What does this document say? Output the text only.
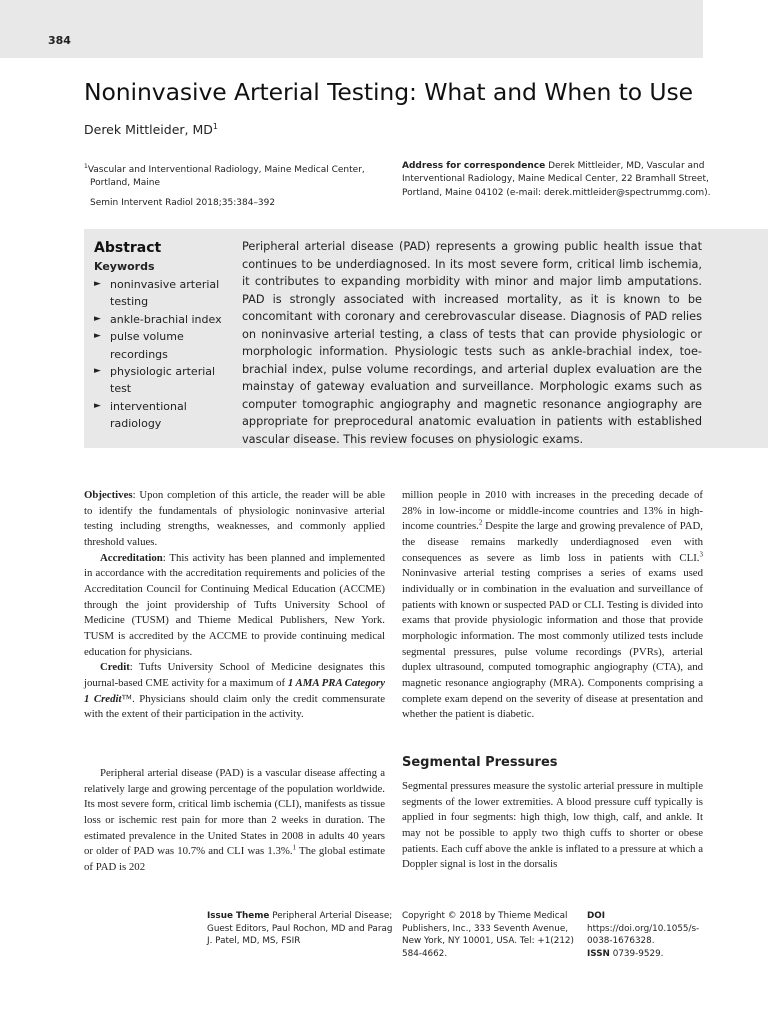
384
Noninvasive Arterial Testing: What and When to Use
Derek Mittleider, $MD^1$

$^1$Vascular and Interventional Radiology, Maine Medical Center, Portland, Maine

Semin Intervent Radiol 2018;35:384–392
Address for correspondence Derek Mittleider, MD, Vascular and Interventional Radiology, Maine Medical Center, 22 Bramhall Street, Portland, Maine 04102 (e-mail: derek.mittleider@spectrummg.com).
Abstract
Keywords
► noninvasive arterial testing
► ankle-brachial index
► pulse volume recordings
► physiologic arterial test
► interventional radiology
Peripheral arterial disease (PAD) represents a growing public health issue that continues to be underdiagnosed. In its most severe form, critical limb ischemia, it contributes to expanding morbidity with minor and major limb amputations. PAD is strongly associated with increased mortality, as it is known to be concomitant with coronary and cerebrovascular disease. Diagnosis of PAD relies on noninvasive arterial testing, a class of tests that can provide physiologic or morphologic information. Physiologic tests such as ankle-brachial index, toe-brachial index, pulse volume recordings, and arterial duplex evaluation are the mainstay of gateway evaluation and surveillance. Morphologic exams such as computer tomographic angiography and magnetic resonance angiography are appropriate for preprocedural anatomic evaluation in patients with established vascular disease. This review focuses on physiologic exams.

Objectives: Upon completion of this article, the reader will be able to identify the fundamentals of physiologic noninvasive arterial testing including strengths, weaknesses, and commonly applied threshold values.

Accreditation: This activity has been planned and implemented in accordance with the accreditation requirements and policies of the Accreditation Council for Continuing Medical Education (ACCME) through the joint providership of Tufts University School of Medicine (TUSM) and Thieme Medical Publishers, New York. TUSM is accredited by the ACCME to provide continuing medical education for physicians.

Credit: Tufts University School of Medicine designates this journal-based CME activity for a maximum of 1 AMA PRA Category 1 Credit™. Physicians should claim only the credit commensurate with the extent of their participation in the activity.

Peripheral arterial disease (PAD) is a vascular disease affecting a relatively large and growing percentage of the population worldwide. Its most severe form, critical limb ischemia (CLI), manifests as tissue loss or ischemic rest pain for more than 2 weeks in duration. The estimated prevalence in the United States in 2008 in adults 40 years or older of PAD was 10.7% and CLI was 1.3%.$^1$ The global estimate of PAD is 202

million people in 2010 with increases in the preceding decade of 28% in low-income or middle-income countries and 13% in high-income countries.$^2$ Despite the large and growing prevalence of PAD, the disease remains markedly underdiagnosed even with consequences as severe as limb loss in patients with CLI.$^3$ Noninvasive arterial testing comprises a series of exams used individually or in combination in the evaluation and surveillance of patients with known or suspected PAD or CLI. Testing is divided into exams that provide physiologic information and those that provide morphologic information. The most commonly utilized tests include segmental pressures, pulse volume recordings (PVRs), arterial duplex ultrasound, computed tomographic angiography (CTA), and magnetic resonance angiography (MRA). Components comprising a complete exam depend on the severity of disease at presentation and whether the patient is diabetic.

Segmental Pressures

Segmental pressures measure the systolic arterial pressure in multiple segments of the lower extremities. A blood pressure cuff typically is applied in four segments: high thigh, low thigh, calf, and ankle. It may not be possible to apply two thigh cuffs to shorter or obese patients. Each cuff above the ankle is inflated to a pressure at which a Doppler signal is lost in the dorsalis

Issue Theme Peripheral Arterial Disease; Guest Editors, Paul Rochon, MD and Parag J. Patel, MD, MS, FSIR
Copyright © 2018 by Thieme Medical Publishers, Inc., 333 Seventh Avenue, New York, NY 10001, USA. Tel: +1(212) 584-4662.
DOI https://doi.org/10.1055/s-0038-1676328.
ISSN 0739-9529.
